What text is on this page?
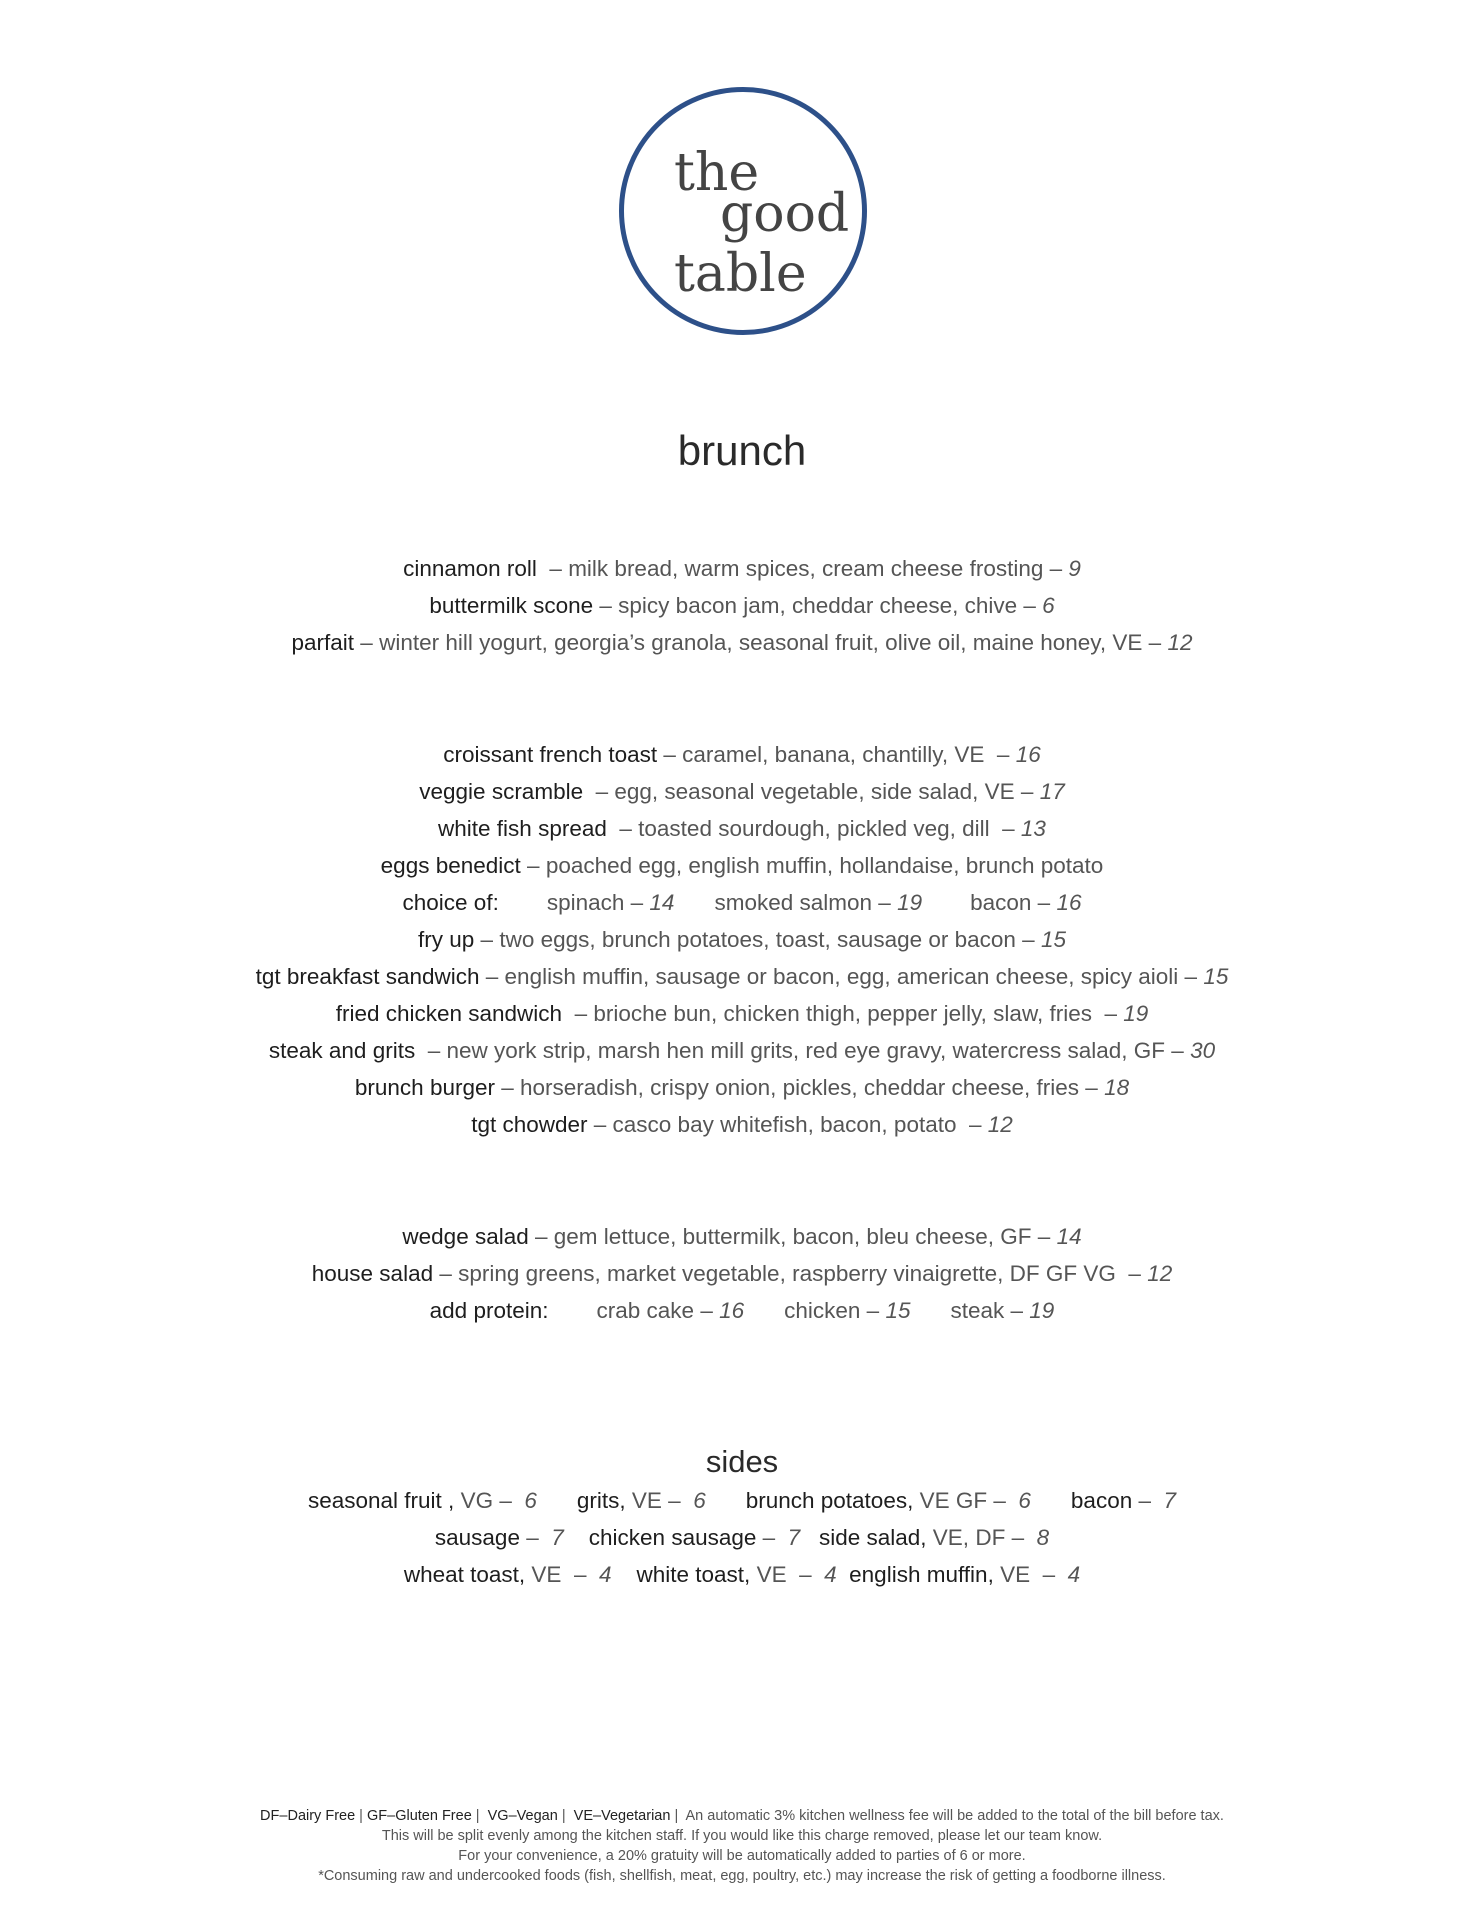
the
good
table
brunch
cinnamon roll  – milk bread, warm spices, cream cheese frosting – 9
buttermilk scone – spicy bacon jam, cheddar cheese, chive – 6
parfait – winter hill yogurt, georgia’s granola, seasonal fruit, olive oil, maine honey, VE – 12
croissant french toast – caramel, banana, chantilly, VE  – 16
veggie scramble  – egg, seasonal vegetable, side salad, VE – 17
white fish spread  – toasted sourdough, pickled veg, dill  – 13
eggs benedict – poached egg, english muffin, hollandaise, brunch potato
choice of: spinach – 14 smoked salmon – 19 bacon – 16
fry up – two eggs, brunch potatoes, toast, sausage or bacon – 15
tgt breakfast sandwich – english muffin, sausage or bacon, egg, american cheese, spicy aioli – 15
fried chicken sandwich  – brioche bun, chicken thigh, pepper jelly, slaw, fries  – 19
steak and grits  – new york strip, marsh hen mill grits, red eye gravy, watercress salad, GF – 30
brunch burger – horseradish, crispy onion, pickles, cheddar cheese, fries – 18
tgt chowder – casco bay whitefish, bacon, potato  – 12
wedge salad – gem lettuce, buttermilk, bacon, bleu cheese, GF – 14
house salad – spring greens, market vegetable, raspberry vinaigrette, DF GF VG  – 12
add protein: crab cake – 16 chicken – 15 steak – 19
sides
seasonal fruit , VG –  6 grits, VE –  6 brunch potatoes, VE GF –  6 bacon –  7
sausage –  7 chicken sausage –  7 side salad, VE, DF –  8
wheat toast, VE  –  4 white toast, VE  –  4 english muffin, VE  –  4
DF–Dairy Free | GF–Gluten Free |  VG–Vegan |  VE–Vegetarian |  An automatic 3% kitchen wellness fee will be added to the total of the bill before tax.
This will be split evenly among the kitchen staff. If you would like this charge removed, please let our team know.
For your convenience, a 20% gratuity will be automatically added to parties of 6 or more.
*Consuming raw and undercooked foods (fish, shellfish, meat, egg, poultry, etc.) may increase the risk of getting a foodborne illness.
